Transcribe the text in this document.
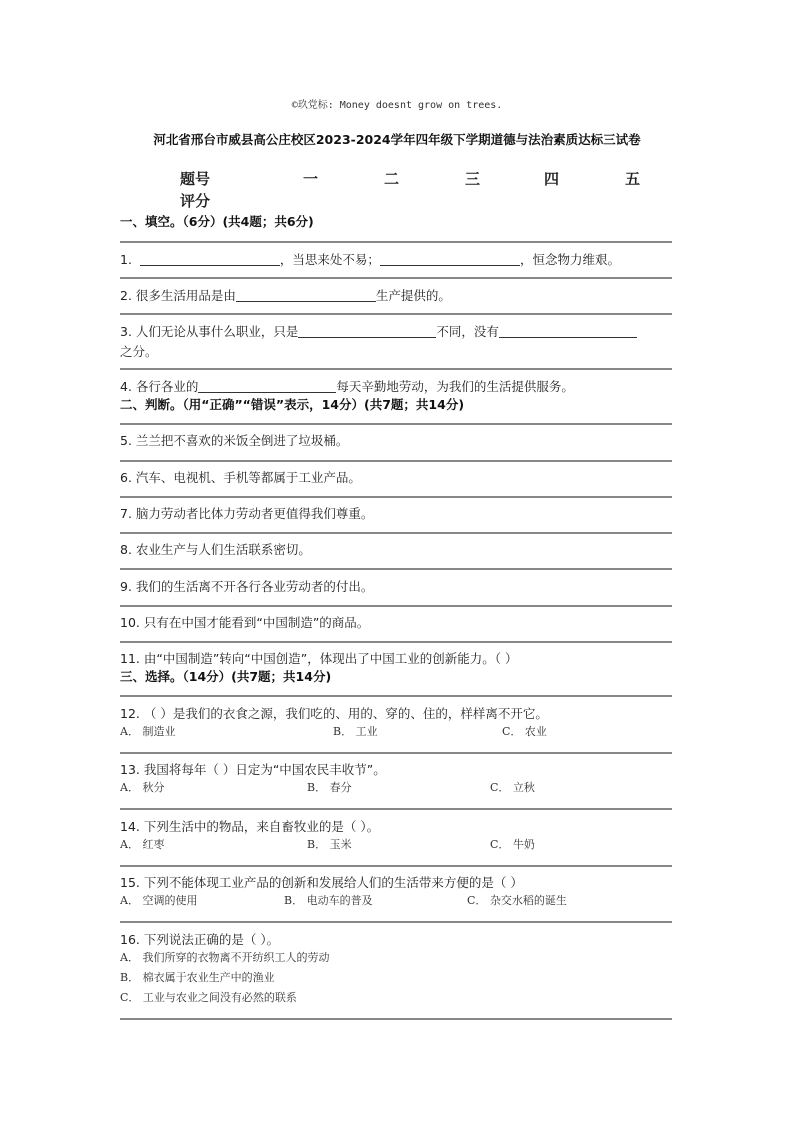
©玖党标: Money doesnt grow on trees.
河北省邢台市威县高公庄校区2023-2024学年四年级下学期道德与法治素质达标三试卷
题号	一	二	三	四	五
评分
一、填空。（6分）(共4题；共6分)
1.	，当思来处不易；	，恒念物力维艰。
2. 很多生活用品是由	生产提供的。
3. 人们无论从事什么职业，只是	不同，没有
之分。
4. 各行各业的	每天辛勤地劳动，为我们的生活提供服务。
二、判断。（用“正确”“错误”表示，14分）(共7题；共14分)
5. 兰兰把不喜欢的米饭全倒进了垃圾桶。
6. 汽车、电视机、手机等都属于工业产品。
7. 脑力劳动者比体力劳动者更值得我们尊重。
8. 农业生产与人们生活联系密切。
9. 我们的生活离不开各行各业劳动者的付出。
10. 只有在中国才能看到“中国制造”的商品。
11. 由“中国制造”转向“中国创造”，体现出了中国工业的创新能力。（ ）
三、选择。（14分）(共7题；共14分)
12. （ ）是我们的衣食之源，我们吃的、用的、穿的、住的，样样离不开它。
A． 制造业	B． 工业	C． 农业
13. 我国将每年（ ）日定为“中国农民丰收节”。
A． 秋分	B． 春分	C． 立秋
14. 下列生活中的物品，来自畜牧业的是（ ）。
A． 红枣	B． 玉米	C． 牛奶
15. 下列不能体现工业产品的创新和发展给人们的生活带来方便的是（ ）
A． 空调的使用	B． 电动车的普及	C． 杂交水稻的诞生
16. 下列说法正确的是（ ）。
A． 我们所穿的衣物离不开纺织工人的劳动
B． 棉衣属于农业生产中的渔业
C． 工业与农业之间没有必然的联系
